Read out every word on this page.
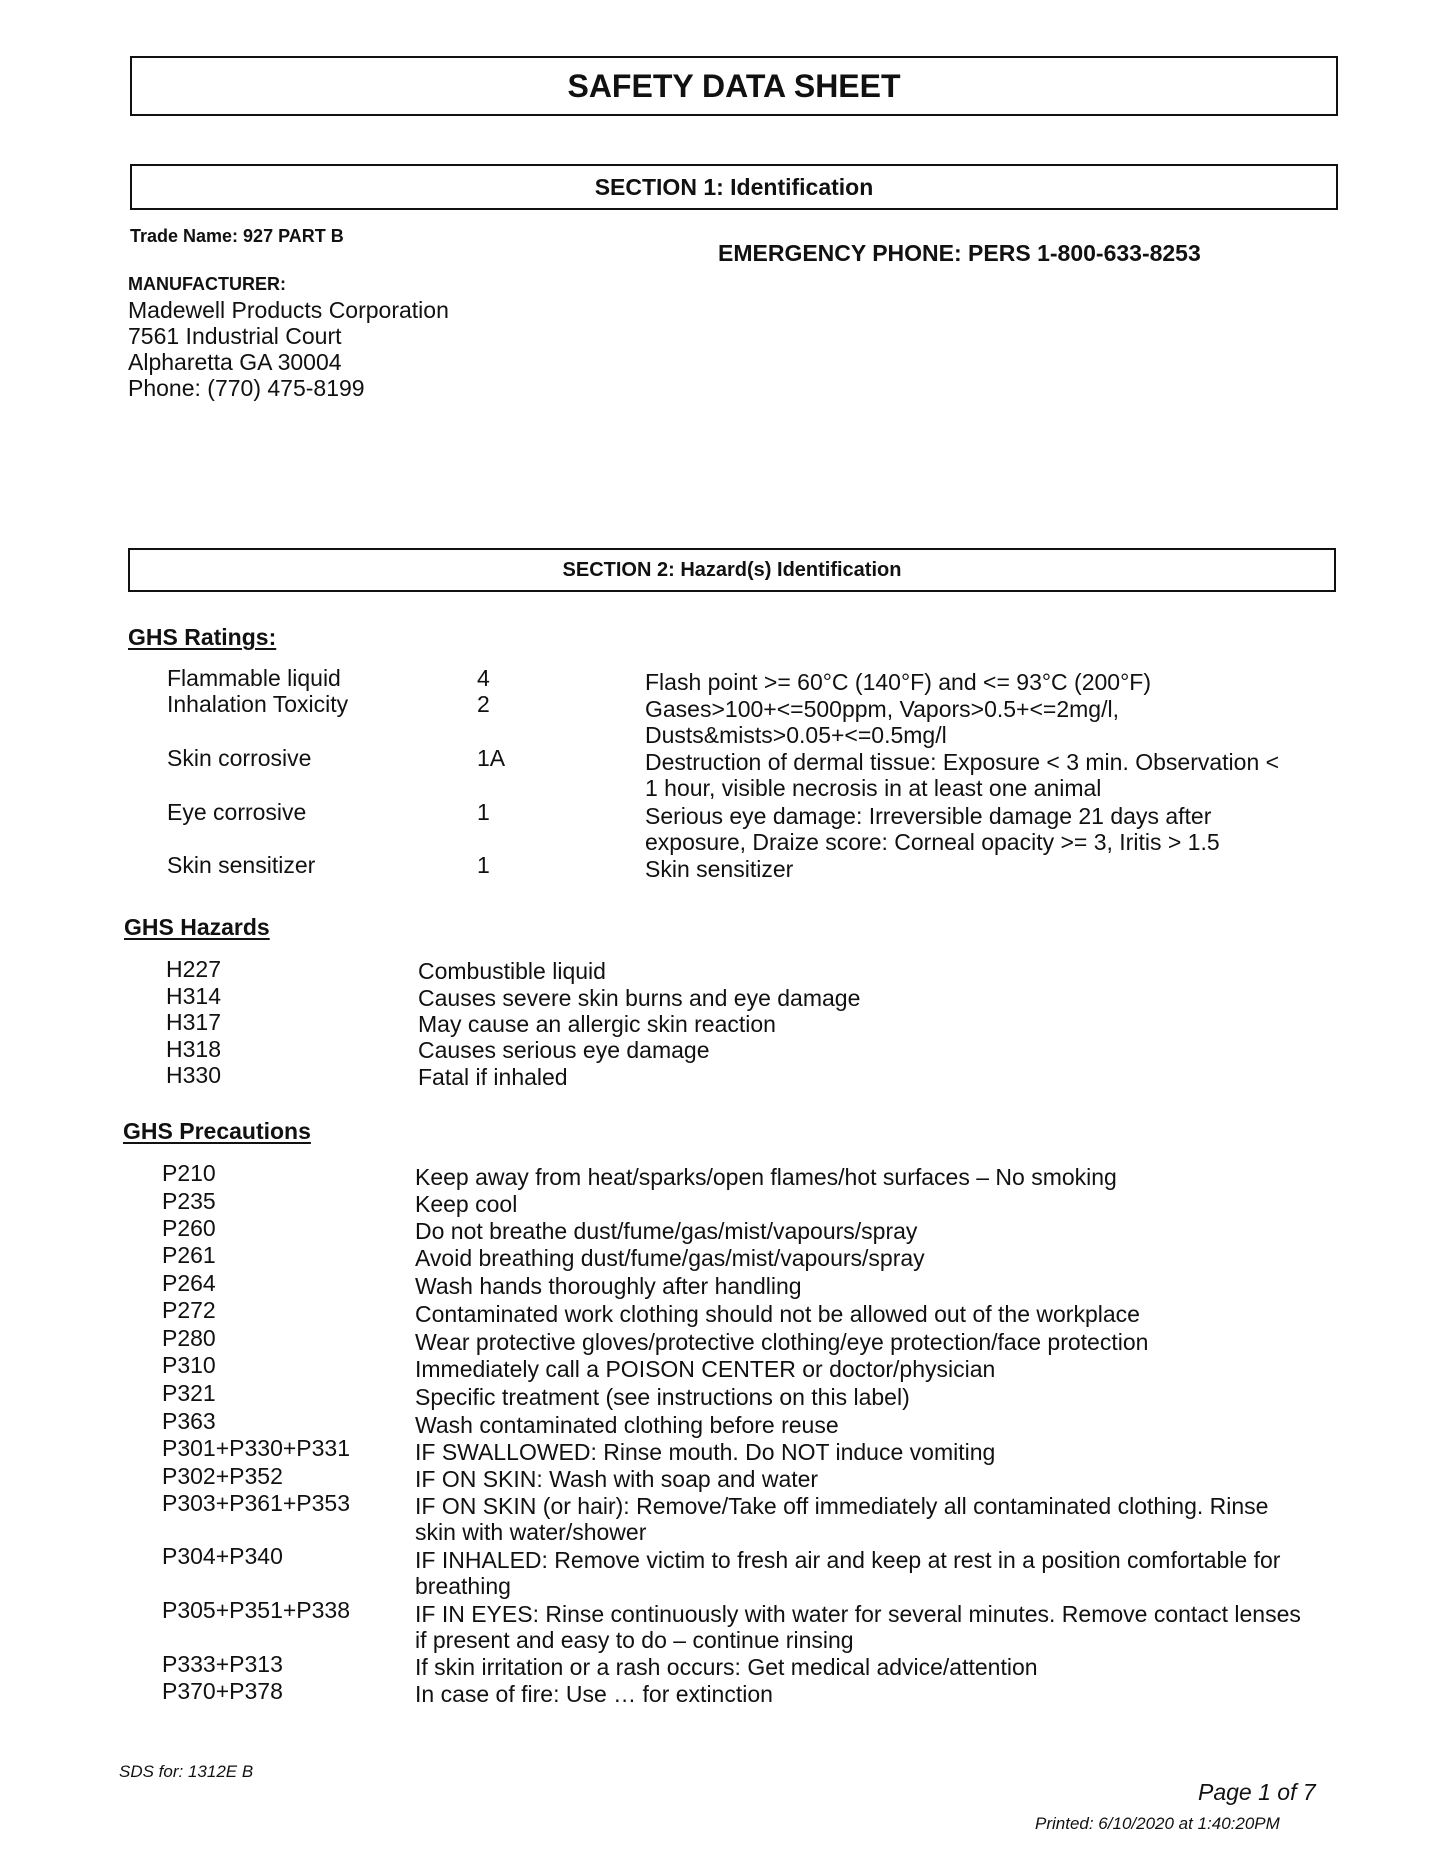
SAFETY DATA SHEET
SECTION 1: Identification
Trade Name: 927 PART B
EMERGENCY PHONE: PERS 1-800-633-8253
MANUFACTURER:
Madewell Products Corporation
7561 Industrial Court
Alpharetta GA 30004
Phone: (770) 475-8199
SECTION 2: Hazard(s) Identification
GHS Ratings:
Flammable liquid	4	Flash point >= 60°C (140°F) and <= 93°C (200°F)
Inhalation Toxicity	2	Gases>100+<=500ppm, Vapors>0.5+<=2mg/l, Dusts&mists>0.05+<=0.5mg/l
Skin corrosive	1A	Destruction of dermal tissue: Exposure < 3 min. Observation < 1 hour, visible necrosis in at least one animal
Eye corrosive	1	Serious eye damage: Irreversible damage 21 days after exposure, Draize score: Corneal opacity >= 3, Iritis > 1.5
Skin sensitizer	1	Skin sensitizer
GHS Hazards
H227	Combustible liquid
H314	Causes severe skin burns and eye damage
H317	May cause an allergic skin reaction
H318	Causes serious eye damage
H330	Fatal if inhaled
GHS Precautions
P210	Keep away from heat/sparks/open flames/hot surfaces – No smoking
P235	Keep cool
P260	Do not breathe dust/fume/gas/mist/vapours/spray
P261	Avoid breathing dust/fume/gas/mist/vapours/spray
P264	Wash hands thoroughly after handling
P272	Contaminated work clothing should not be allowed out of the workplace
P280	Wear protective gloves/protective clothing/eye protection/face protection
P310	Immediately call a POISON CENTER or doctor/physician
P321	Specific treatment (see instructions on this label)
P363	Wash contaminated clothing before reuse
P301+P330+P331	IF SWALLOWED: Rinse mouth. Do NOT induce vomiting
P302+P352	IF ON SKIN: Wash with soap and water
P303+P361+P353	IF ON SKIN (or hair): Remove/Take off immediately all contaminated clothing. Rinse skin with water/shower
P304+P340	IF INHALED: Remove victim to fresh air and keep at rest in a position comfortable for breathing
P305+P351+P338	IF IN EYES: Rinse continuously with water for several minutes. Remove contact lenses if present and easy to do – continue rinsing
P333+P313	If skin irritation or a rash occurs: Get medical advice/attention
P370+P378	In case of fire: Use … for extinction
SDS for: 1312E B
Page 1 of 7
Printed: 6/10/2020 at 1:40:20PM
